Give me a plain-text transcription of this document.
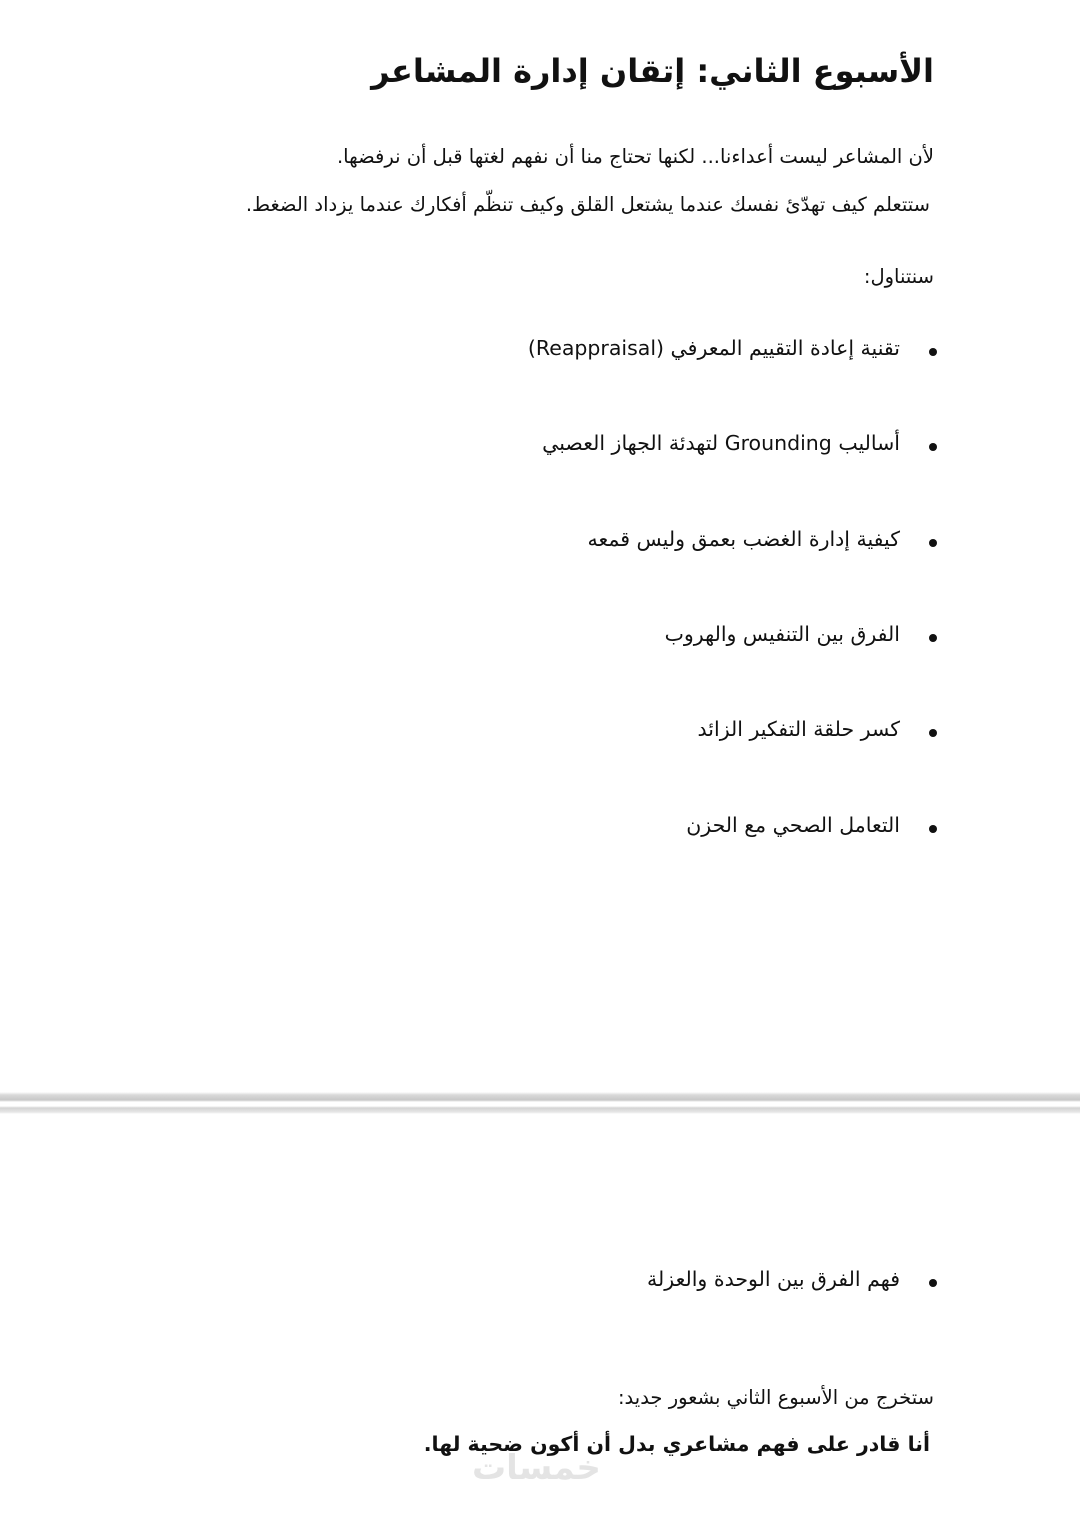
الأسبوع الثاني: إتقان إدارة المشاعر

لأن المشاعر ليست أعداءنا... لكنها تحتاج منا أن نفهم لغتها قبل أن نرفضها.

ستتعلم كيف تهدّئ نفسك عندما يشتعل القلق وكيف تنظّم أفكارك عندما يزداد الضغط.

سنتناول:

تقنية إعادة التقييم المعرفي (Reappraisal)
أساليب Grounding لتهدئة الجهاز العصبي
كيفية إدارة الغضب بعمق وليس قمعه
الفرق بين التنفيس والهروب
كسر حلقة التفكير الزائد
التعامل الصحي مع الحزن
فهم الفرق بين الوحدة والعزلة

ستخرج من الأسبوع الثاني بشعور جديد:

أنا قادر على فهم مشاعري بدل أن أكون ضحية لها.

خمسات
